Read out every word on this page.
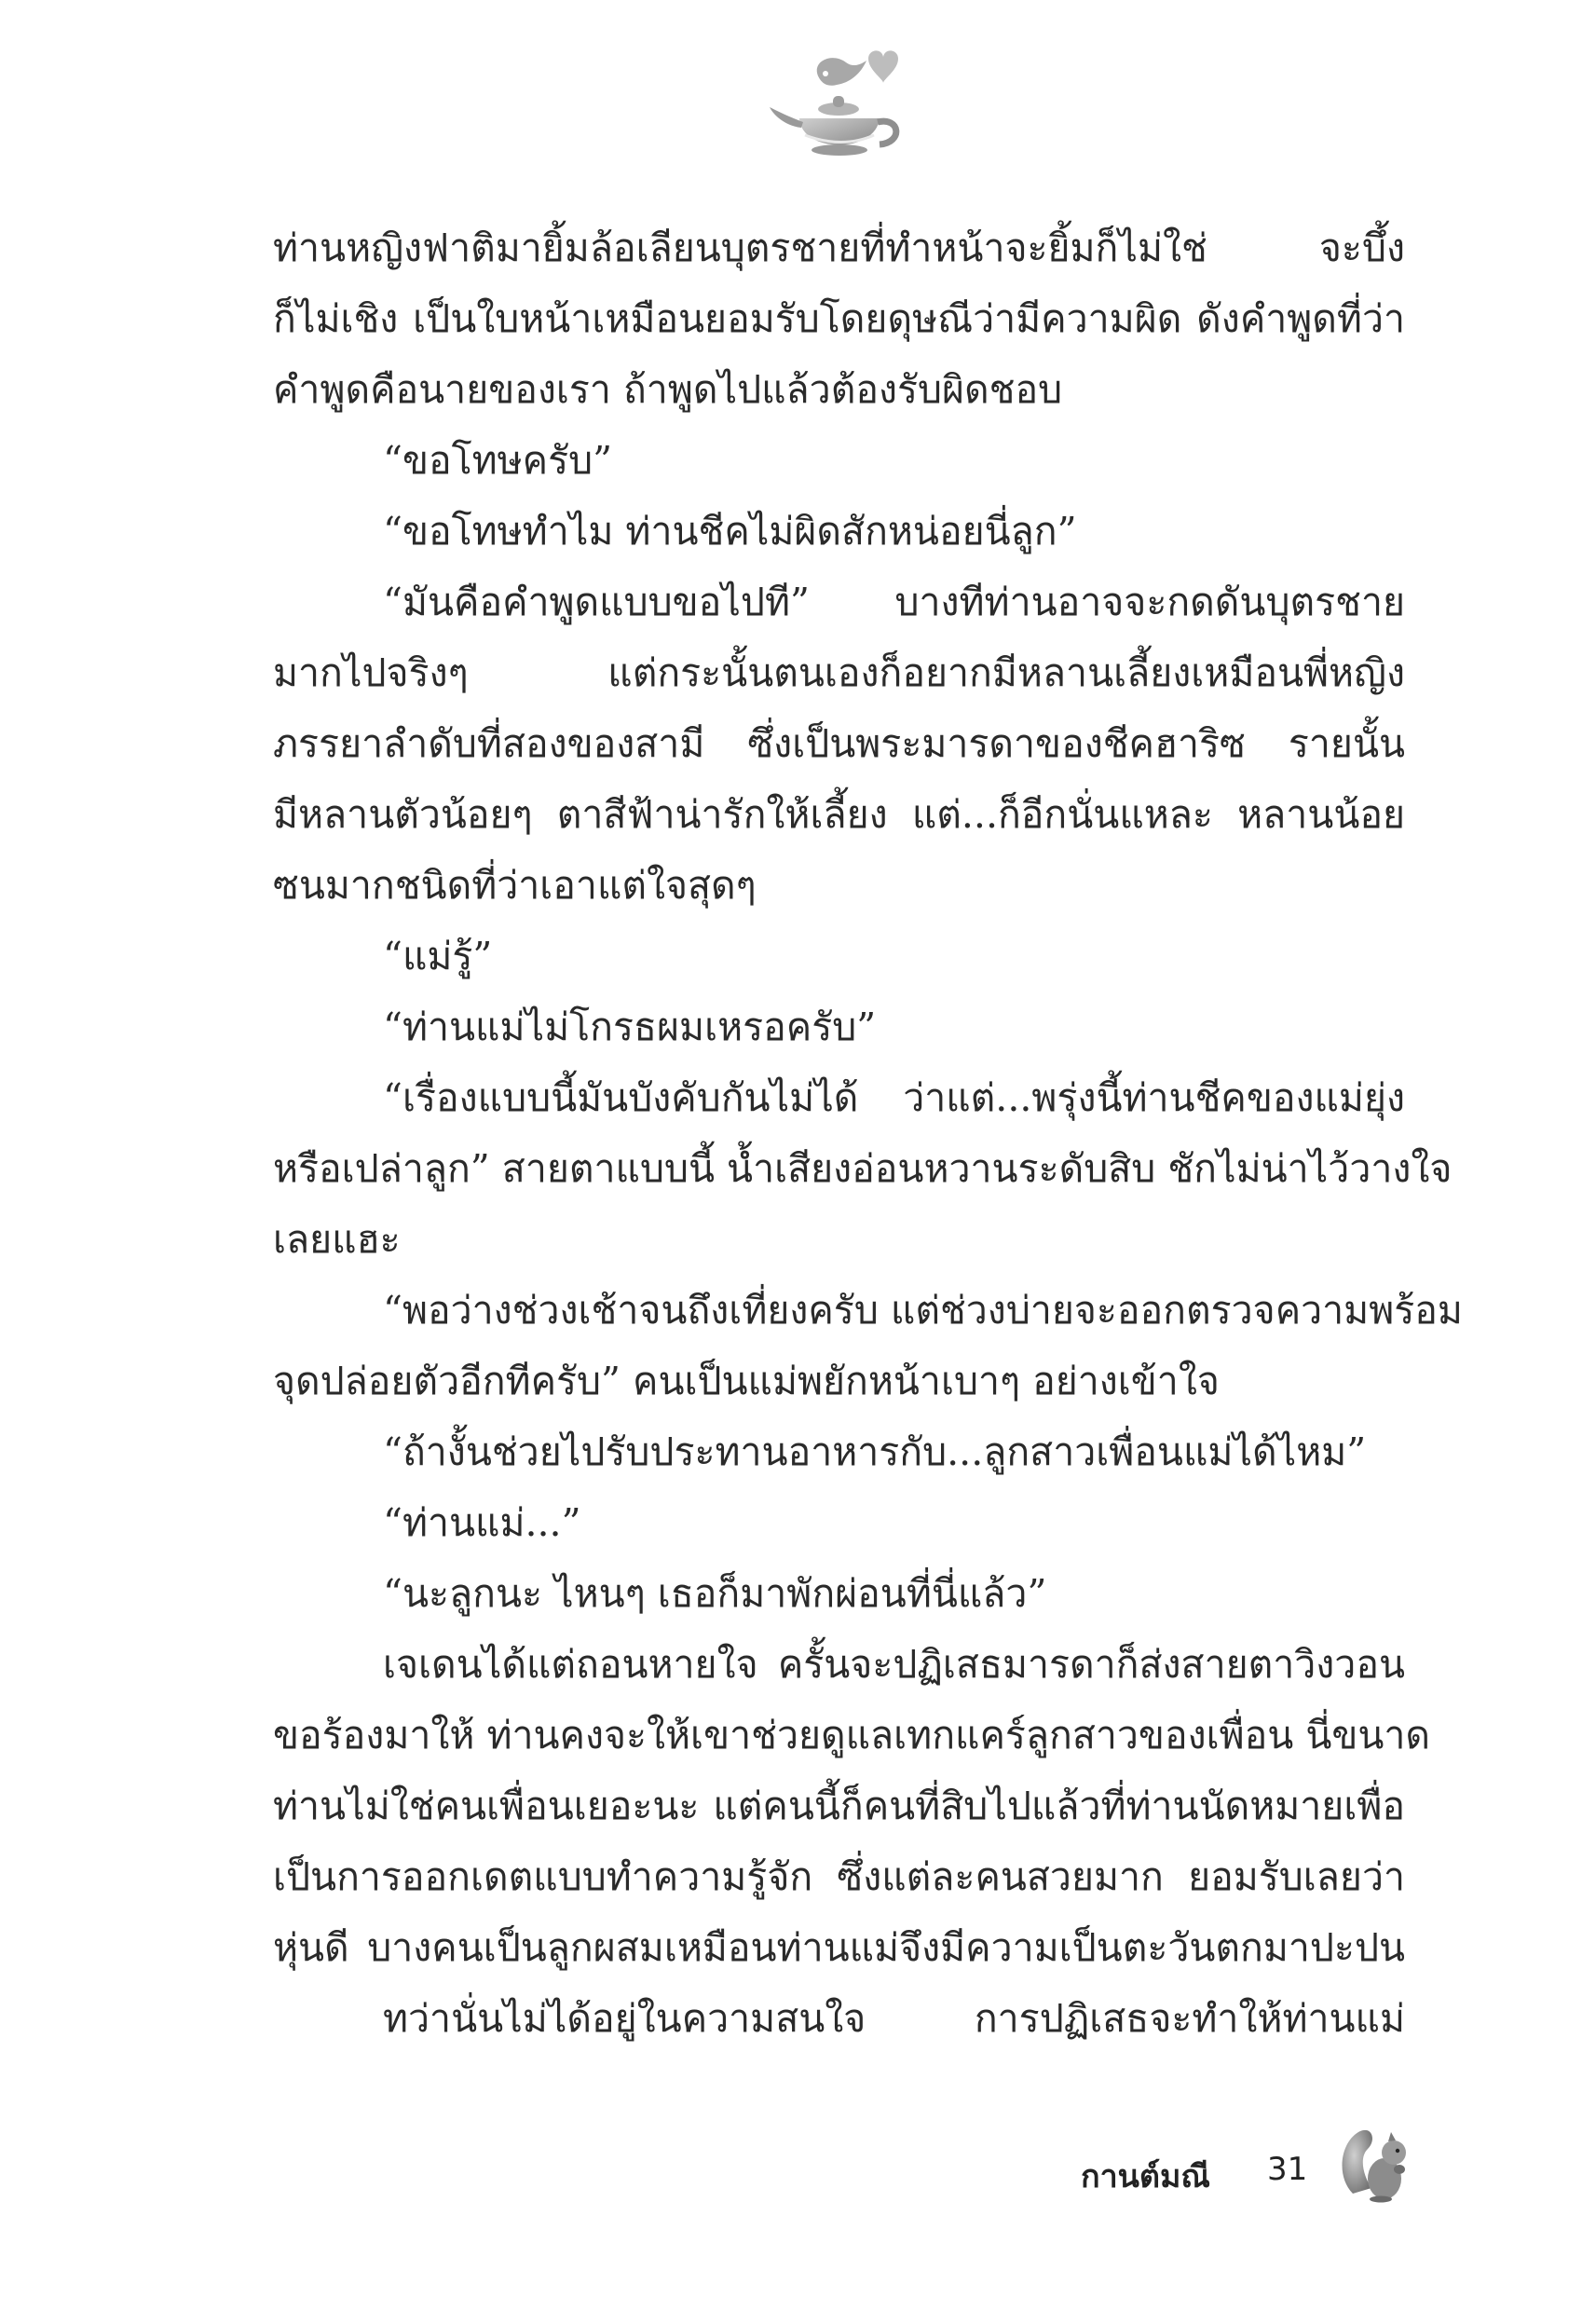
ท่านหญิงฟาติมายิ้มล้อเลียนบุตรชายที่ทำหน้าจะยิ้มก็ไม่ใช่ จะบึ้ง
ก็ไม่เชิง เป็นใบหน้าเหมือนยอมรับโดยดุษณีว่ามีความผิด ดังคำพูดที่ว่า
คำพูดคือนายของเรา ถ้าพูดไปแล้วต้องรับผิดชอบ
“ขอโทษครับ”
“ขอโทษทำไม ท่านชีคไม่ผิดสักหน่อยนี่ลูก”
“มันคือคำพูดแบบขอไปที” บางทีท่านอาจจะกดดันบุตรชาย
มากไปจริงๆ แต่กระนั้นตนเองก็อยากมีหลานเลี้ยงเหมือนพี่หญิง
ภรรยาลำดับที่สองของสามี ซึ่งเป็นพระมารดาของชีคฮาริซ รายนั้น
มีหลานตัวน้อยๆ ตาสีฟ้าน่ารักให้เลี้ยง แต่...ก็อีกนั่นแหละ หลานน้อย
ซนมากชนิดที่ว่าเอาแต่ใจสุดๆ
“แม่รู้”
“ท่านแม่ไม่โกรธผมเหรอครับ”
“เรื่องแบบนี้มันบังคับกันไม่ได้ ว่าแต่...พรุ่งนี้ท่านชีคของแม่ยุ่ง
หรือเปล่าลูก” สายตาแบบนี้ น้ำเสียงอ่อนหวานระดับสิบ ชักไม่น่าไว้วางใจ
เลยแฮะ
“พอว่างช่วงเช้าจนถึงเที่ยงครับ แต่ช่วงบ่ายจะออกตรวจความพร้อม
จุดปล่อยตัวอีกทีครับ” คนเป็นแม่พยักหน้าเบาๆ อย่างเข้าใจ
“ถ้างั้นช่วยไปรับประทานอาหารกับ...ลูกสาวเพื่อนแม่ได้ไหม”
“ท่านแม่...”
“นะลูกนะ ไหนๆ เธอก็มาพักผ่อนที่นี่แล้ว”
เจเดนได้แต่ถอนหายใจ ครั้นจะปฏิเสธมารดาก็ส่งสายตาวิงวอน
ขอร้องมาให้ ท่านคงจะให้เขาช่วยดูแลเทกแคร์ลูกสาวของเพื่อน นี่ขนาด
ท่านไม่ใช่คนเพื่อนเยอะนะ แต่คนนี้ก็คนที่สิบไปแล้วที่ท่านนัดหมายเพื่อ
เป็นการออกเดตแบบทำความรู้จัก ซึ่งแต่ละคนสวยมาก ยอมรับเลยว่า
หุ่นดี บางคนเป็นลูกผสมเหมือนท่านแม่จึงมีความเป็นตะวันตกมาปะปน
ทว่านั่นไม่ได้อยู่ในความสนใจ การปฏิเสธจะทำให้ท่านแม่
กานต์มณี 31
